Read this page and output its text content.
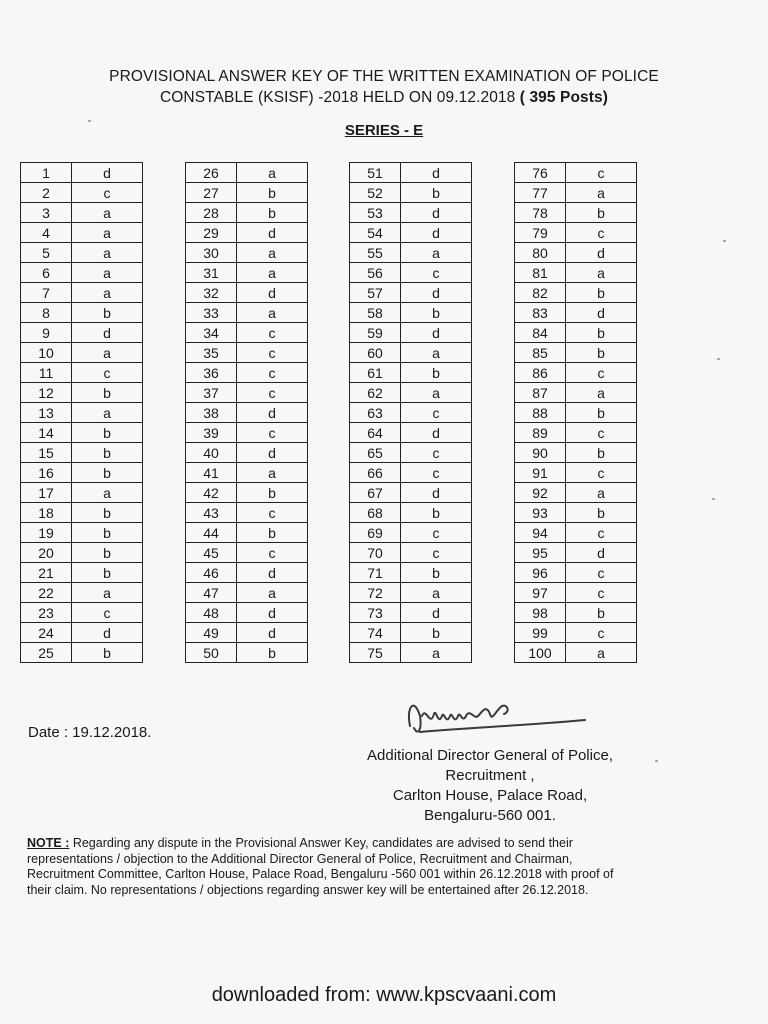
PROVISIONAL ANSWER KEY OF THE WRITTEN EXAMINATION OF POLICE
CONSTABLE (KSISF) -2018 HELD ON 09.12.2018 ( 395 Posts)
SERIES - E
1	d
2	c
3	a
4	a
5	a
6	a
7	a
8	b
9	d
10	a
11	c
12	b
13	a
14	b
15	b
16	b
17	a
18	b
19	b
20	b
21	b
22	a
23	c
24	d
25	b
26	a
27	b
28	b
29	d
30	a
31	a
32	d
33	a
34	c
35	c
36	c
37	c
38	d
39	c
40	d
41	a
42	b
43	c
44	b
45	c
46	d
47	a
48	d
49	d
50	b
51	d
52	b
53	d
54	d
55	a
56	c
57	d
58	b
59	d
60	a
61	b
62	a
63	c
64	d
65	c
66	c
67	d
68	b
69	c
70	c
71	b
72	a
73	d
74	b
75	a
76	c
77	a
78	b
79	c
80	d
81	a
82	b
83	d
84	b
85	b
86	c
87	a
88	b
89	c
90	b
91	c
92	a
93	b
94	c
95	d
96	c
97	c
98	b
99	c
100	a
Date : 19.12.2018.
Additional Director General of Police,
Recruitment ,
Carlton House, Palace Road,
Bengaluru-560 001.
NOTE : Regarding any dispute in the Provisional Answer Key, candidates are advised to send their representations / objection to the Additional Director General of Police, Recruitment and Chairman, Recruitment Committee, Carlton House, Palace Road, Bengaluru -560 001 within 26.12.2018 with proof of their claim. No representations / objections regarding answer key will be entertained after 26.12.2018.
downloaded from: www.kpscvaani.com
